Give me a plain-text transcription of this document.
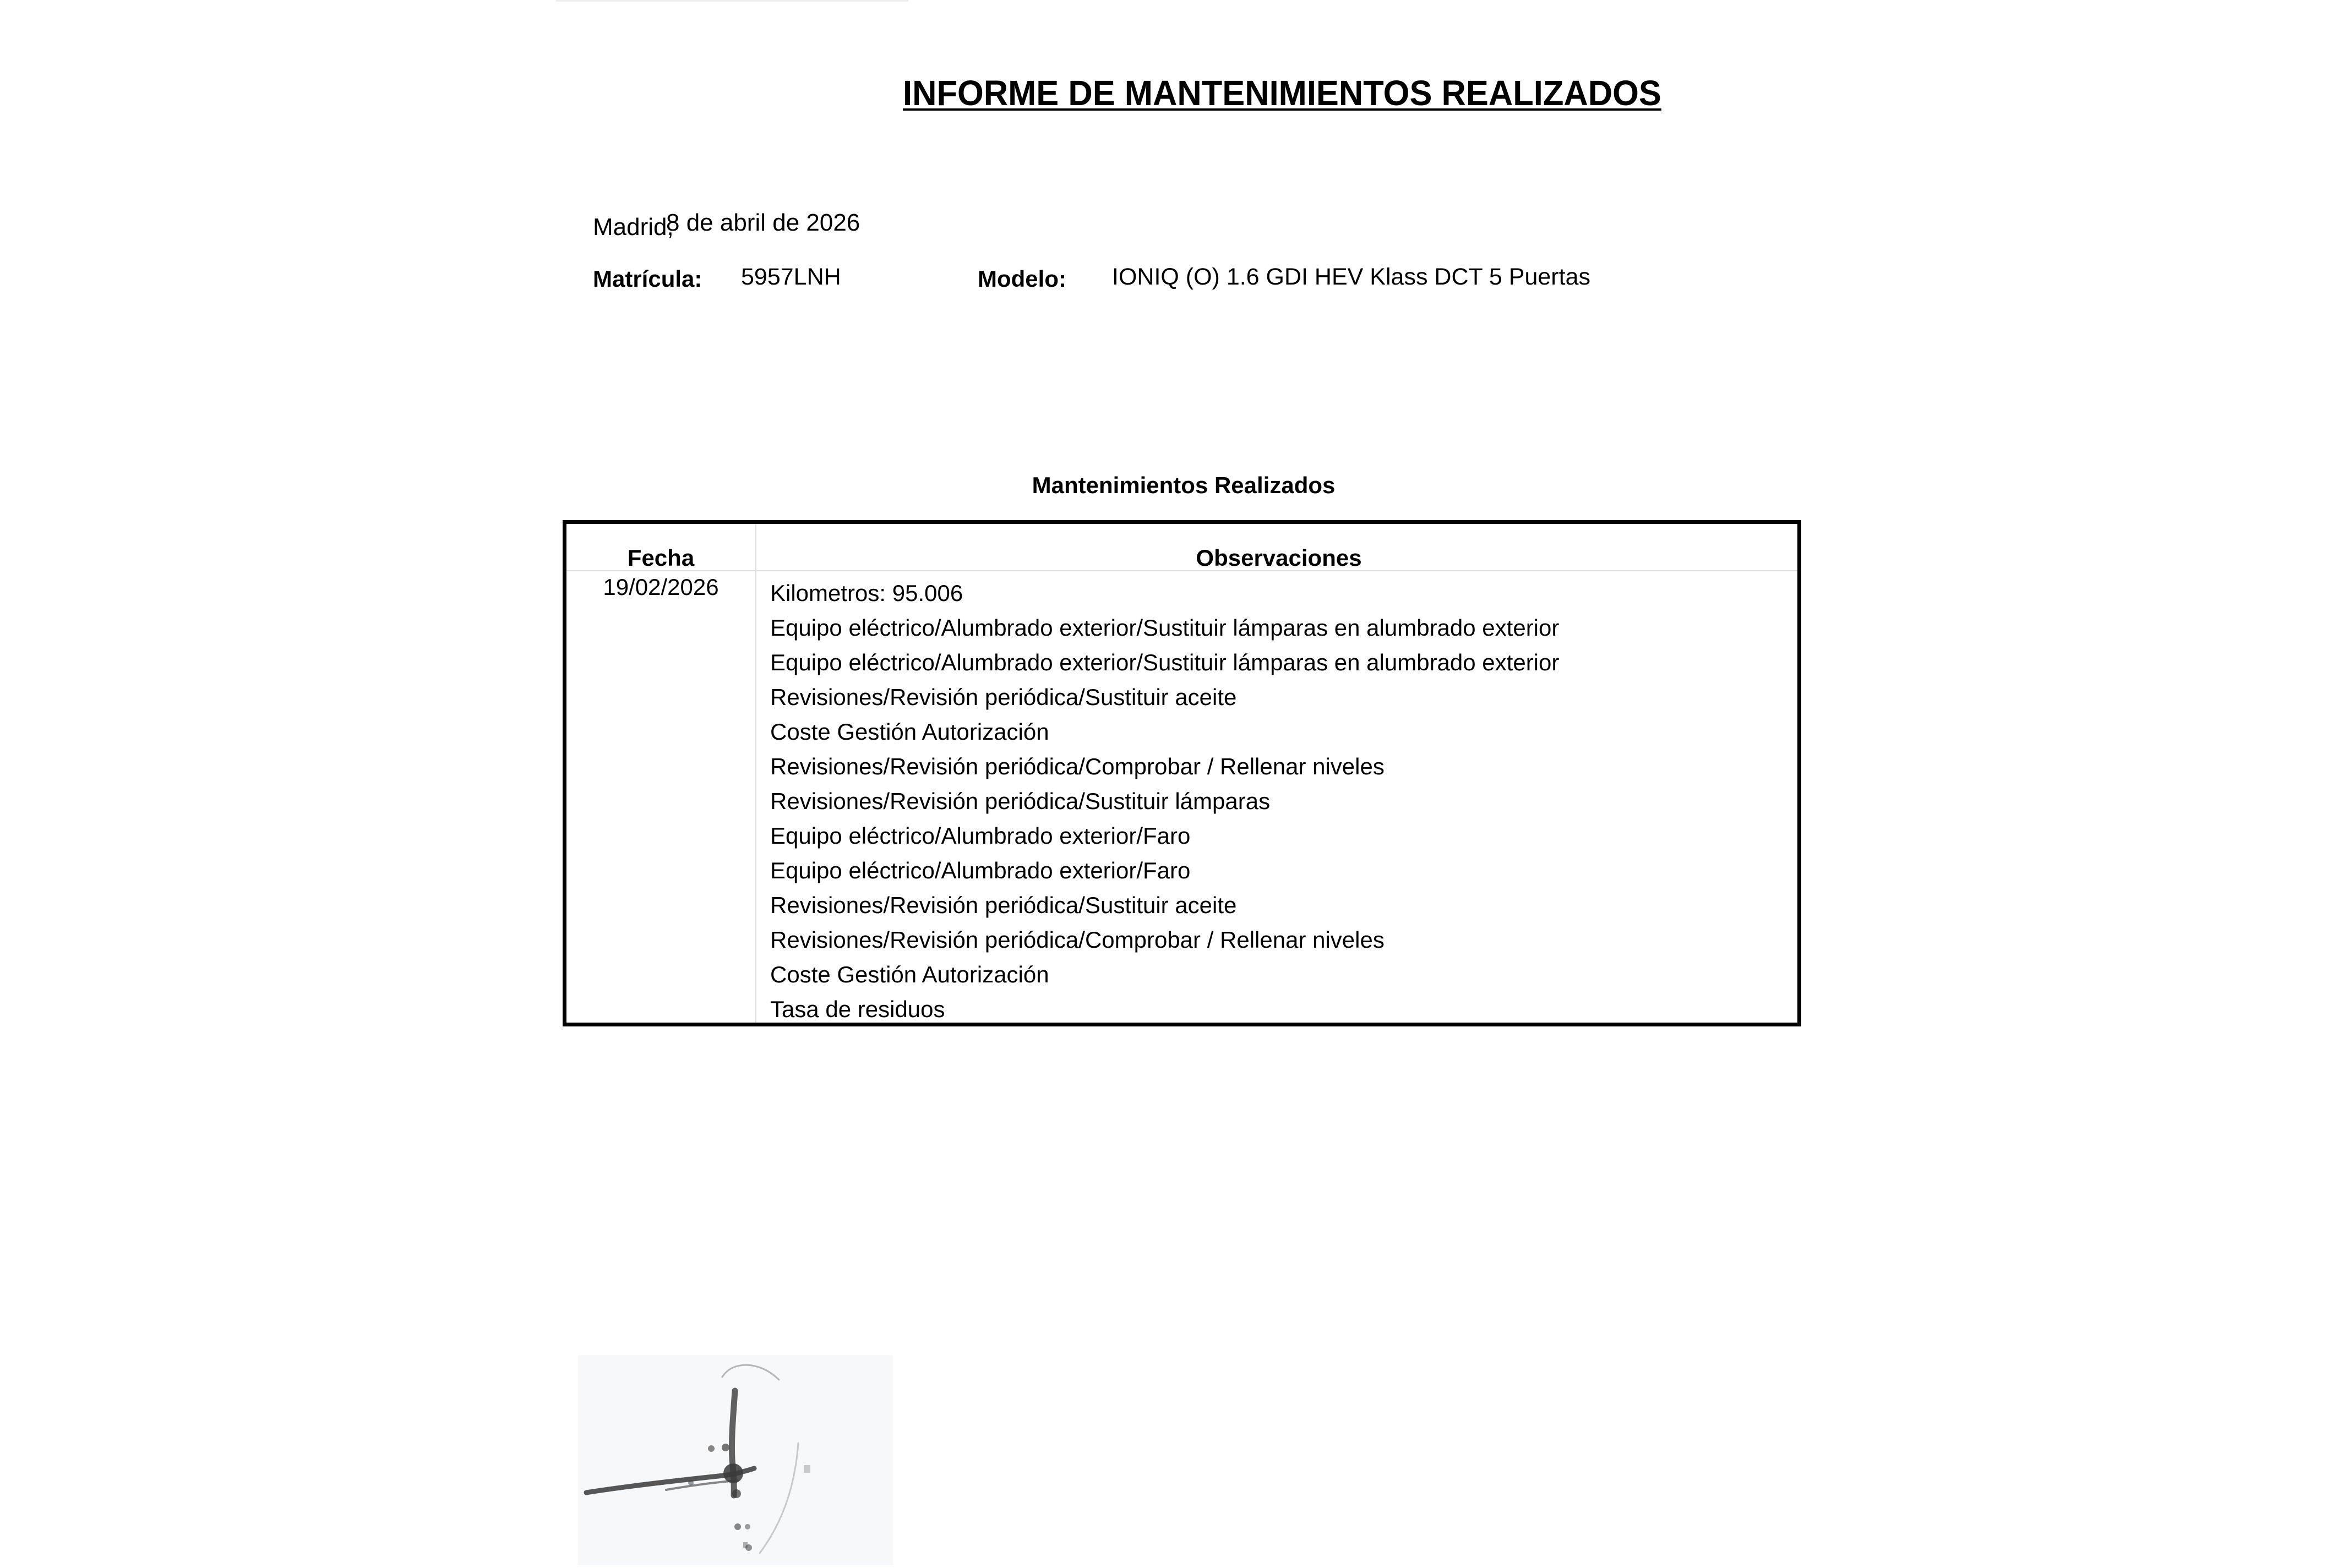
INFORME DE MANTENIMIENTOS REALIZADOS
Madrid,
8 de abril de 2026
Matrícula: 5957LNH	Modelo: IONIQ (O) 1.6 GDI HEV Klass DCT 5 Puertas
Mantenimientos Realizados
Fecha	Observaciones
19/02/2026	Kilometros: 95.006
Equipo eléctrico/Alumbrado exterior/Sustituir lámparas en alumbrado exterior
Equipo eléctrico/Alumbrado exterior/Sustituir lámparas en alumbrado exterior
Revisiones/Revisión periódica/Sustituir aceite
Coste Gestión Autorización
Revisiones/Revisión periódica/Comprobar / Rellenar niveles
Revisiones/Revisión periódica/Sustituir lámparas
Equipo eléctrico/Alumbrado exterior/Faro
Equipo eléctrico/Alumbrado exterior/Faro
Revisiones/Revisión periódica/Sustituir aceite
Revisiones/Revisión periódica/Comprobar / Rellenar niveles
Coste Gestión Autorización
Tasa de residuos
